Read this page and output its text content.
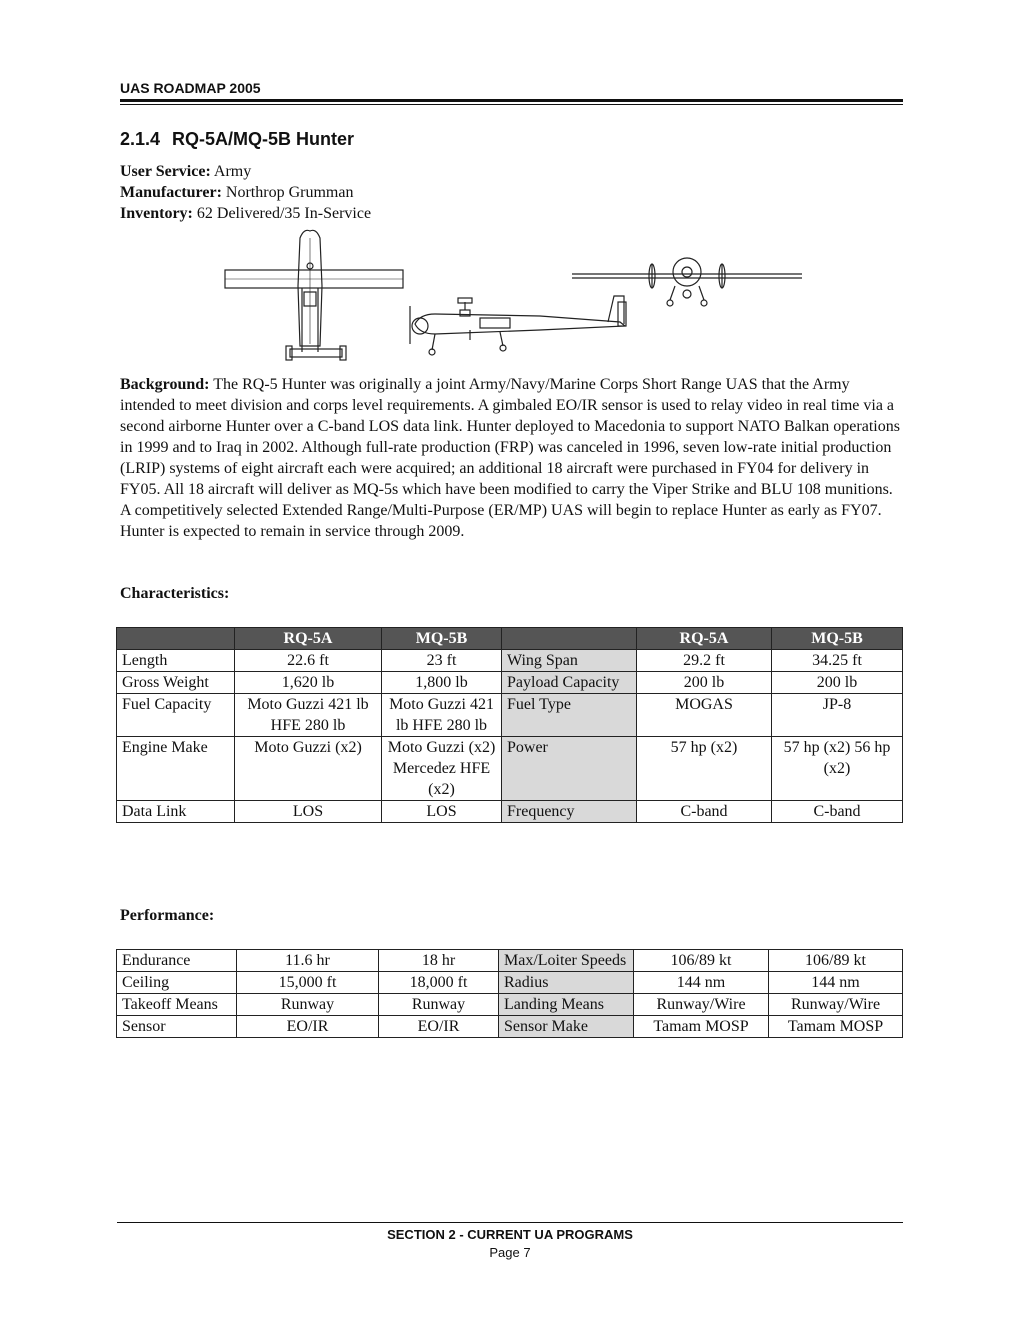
UAS ROADMAP 2005
2.1.4 RQ-5A/MQ-5B Hunter
User Service: Army
Manufacturer: Northrop Grumman
Inventory: 62 Delivered/35 In-Service
Background: The RQ-5 Hunter was originally a joint Army/Navy/Marine Corps Short Range UAS that the Army intended to meet division and corps level requirements. A gimbaled EO/IR sensor is used to relay video in real time via a second airborne Hunter over a C-band LOS data link. Hunter deployed to Macedonia to support NATO Balkan operations in 1999 and to Iraq in 2002. Although full-rate production (FRP) was canceled in 1996, seven low-rate initial production (LRIP) systems of eight aircraft each were acquired; an additional 18 aircraft were purchased in FY04 for delivery in FY05. All 18 aircraft will deliver as MQ-5s which have been modified to carry the Viper Strike and BLU 108 munitions. A competitively selected Extended Range/Multi-Purpose (ER/MP) UAS will begin to replace Hunter as early as FY07. Hunter is expected to remain in service through 2009.
Characteristics:
	RQ-5A	MQ-5B		RQ-5A	MQ-5B
Length	22.6 ft	23 ft	Wing Span	29.2 ft	34.25 ft
Gross Weight	1,620 lb	1,800 lb	Payload Capacity	200 lb	200 lb
Fuel Capacity	Moto Guzzi 421 lb HFE 280 lb	Moto Guzzi 421 lb HFE 280 lb	Fuel Type	MOGAS	JP-8
Engine Make	Moto Guzzi (x2)	Moto Guzzi (x2) Mercedez HFE (x2)	Power	57 hp (x2)	57 hp (x2) 56 hp (x2)
Data Link	LOS	LOS	Frequency	C-band	C-band
Performance:
Endurance	11.6 hr	18 hr	Max/Loiter Speeds	106/89 kt	106/89 kt
Ceiling	15,000 ft	18,000 ft	Radius	144 nm	144 nm
Takeoff Means	Runway	Runway	Landing Means	Runway/Wire	Runway/Wire
Sensor	EO/IR	EO/IR	Sensor Make	Tamam MOSP	Tamam MOSP
SECTION 2 - CURRENT UA PROGRAMS
Page 7
